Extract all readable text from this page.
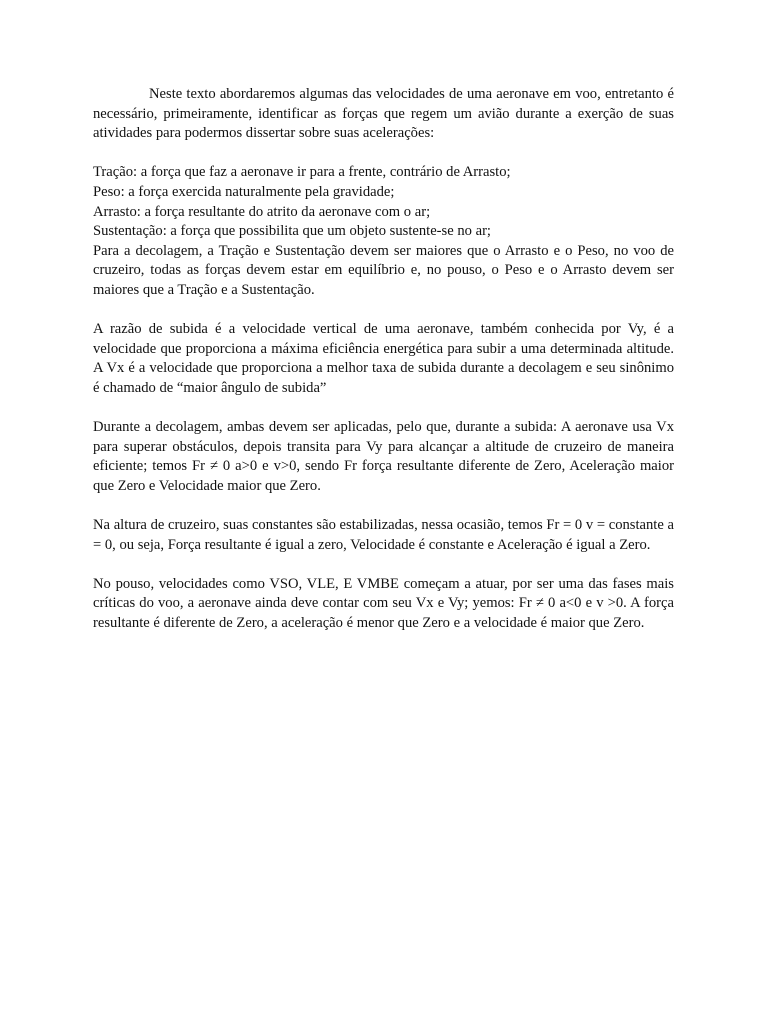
Neste texto abordaremos algumas das velocidades de uma aeronave em voo, entretanto é necessário, primeiramente, identificar as forças que regem um avião durante a exerção de suas atividades para podermos dissertar sobre suas acelerações:

Tração: a força que faz a aeronave ir para a frente, contrário de Arrasto;
Peso: a força exercida naturalmente pela gravidade;
Arrasto: a força resultante do atrito da aeronave com o ar;
Sustentação: a força que possibilita que um objeto sustente-se no ar;

Para a decolagem, a Tração e Sustentação devem ser maiores que o Arrasto e o Peso, no voo de cruzeiro, todas as forças devem estar em equilíbrio e, no pouso, o Peso e o Arrasto devem ser maiores que a Tração e a Sustentação.

A razão de subida é a velocidade vertical de uma aeronave, também conhecida por Vy, é a velocidade que proporciona a máxima eficiência energética para subir a uma determinada altitude. A Vx é a velocidade que proporciona a melhor taxa de subida durante a decolagem e seu sinônimo é chamado de “maior ângulo de subida”

Durante a decolagem, ambas devem ser aplicadas, pelo que, durante a subida: A aeronave usa Vx para superar obstáculos, depois transita para Vy para alcançar a altitude de cruzeiro de maneira eficiente; temos Fr ≠ 0 a>0 e v>0, sendo Fr força resultante diferente de Zero, Aceleração maior que Zero e Velocidade maior que Zero.

Na altura de cruzeiro, suas constantes são estabilizadas, nessa ocasião, temos Fr = 0 v = constante a = 0, ou seja, Força resultante é igual a zero, Velocidade é constante e Aceleração é igual a Zero.

No pouso, velocidades como VSO, VLE, E VMBE começam a atuar, por ser uma das fases mais críticas do voo, a aeronave ainda deve contar com seu Vx e Vy; yemos: Fr ≠ 0 a<0 e v >0. A força resultante é diferente de Zero, a aceleração é menor que Zero e a velocidade é maior que Zero.
